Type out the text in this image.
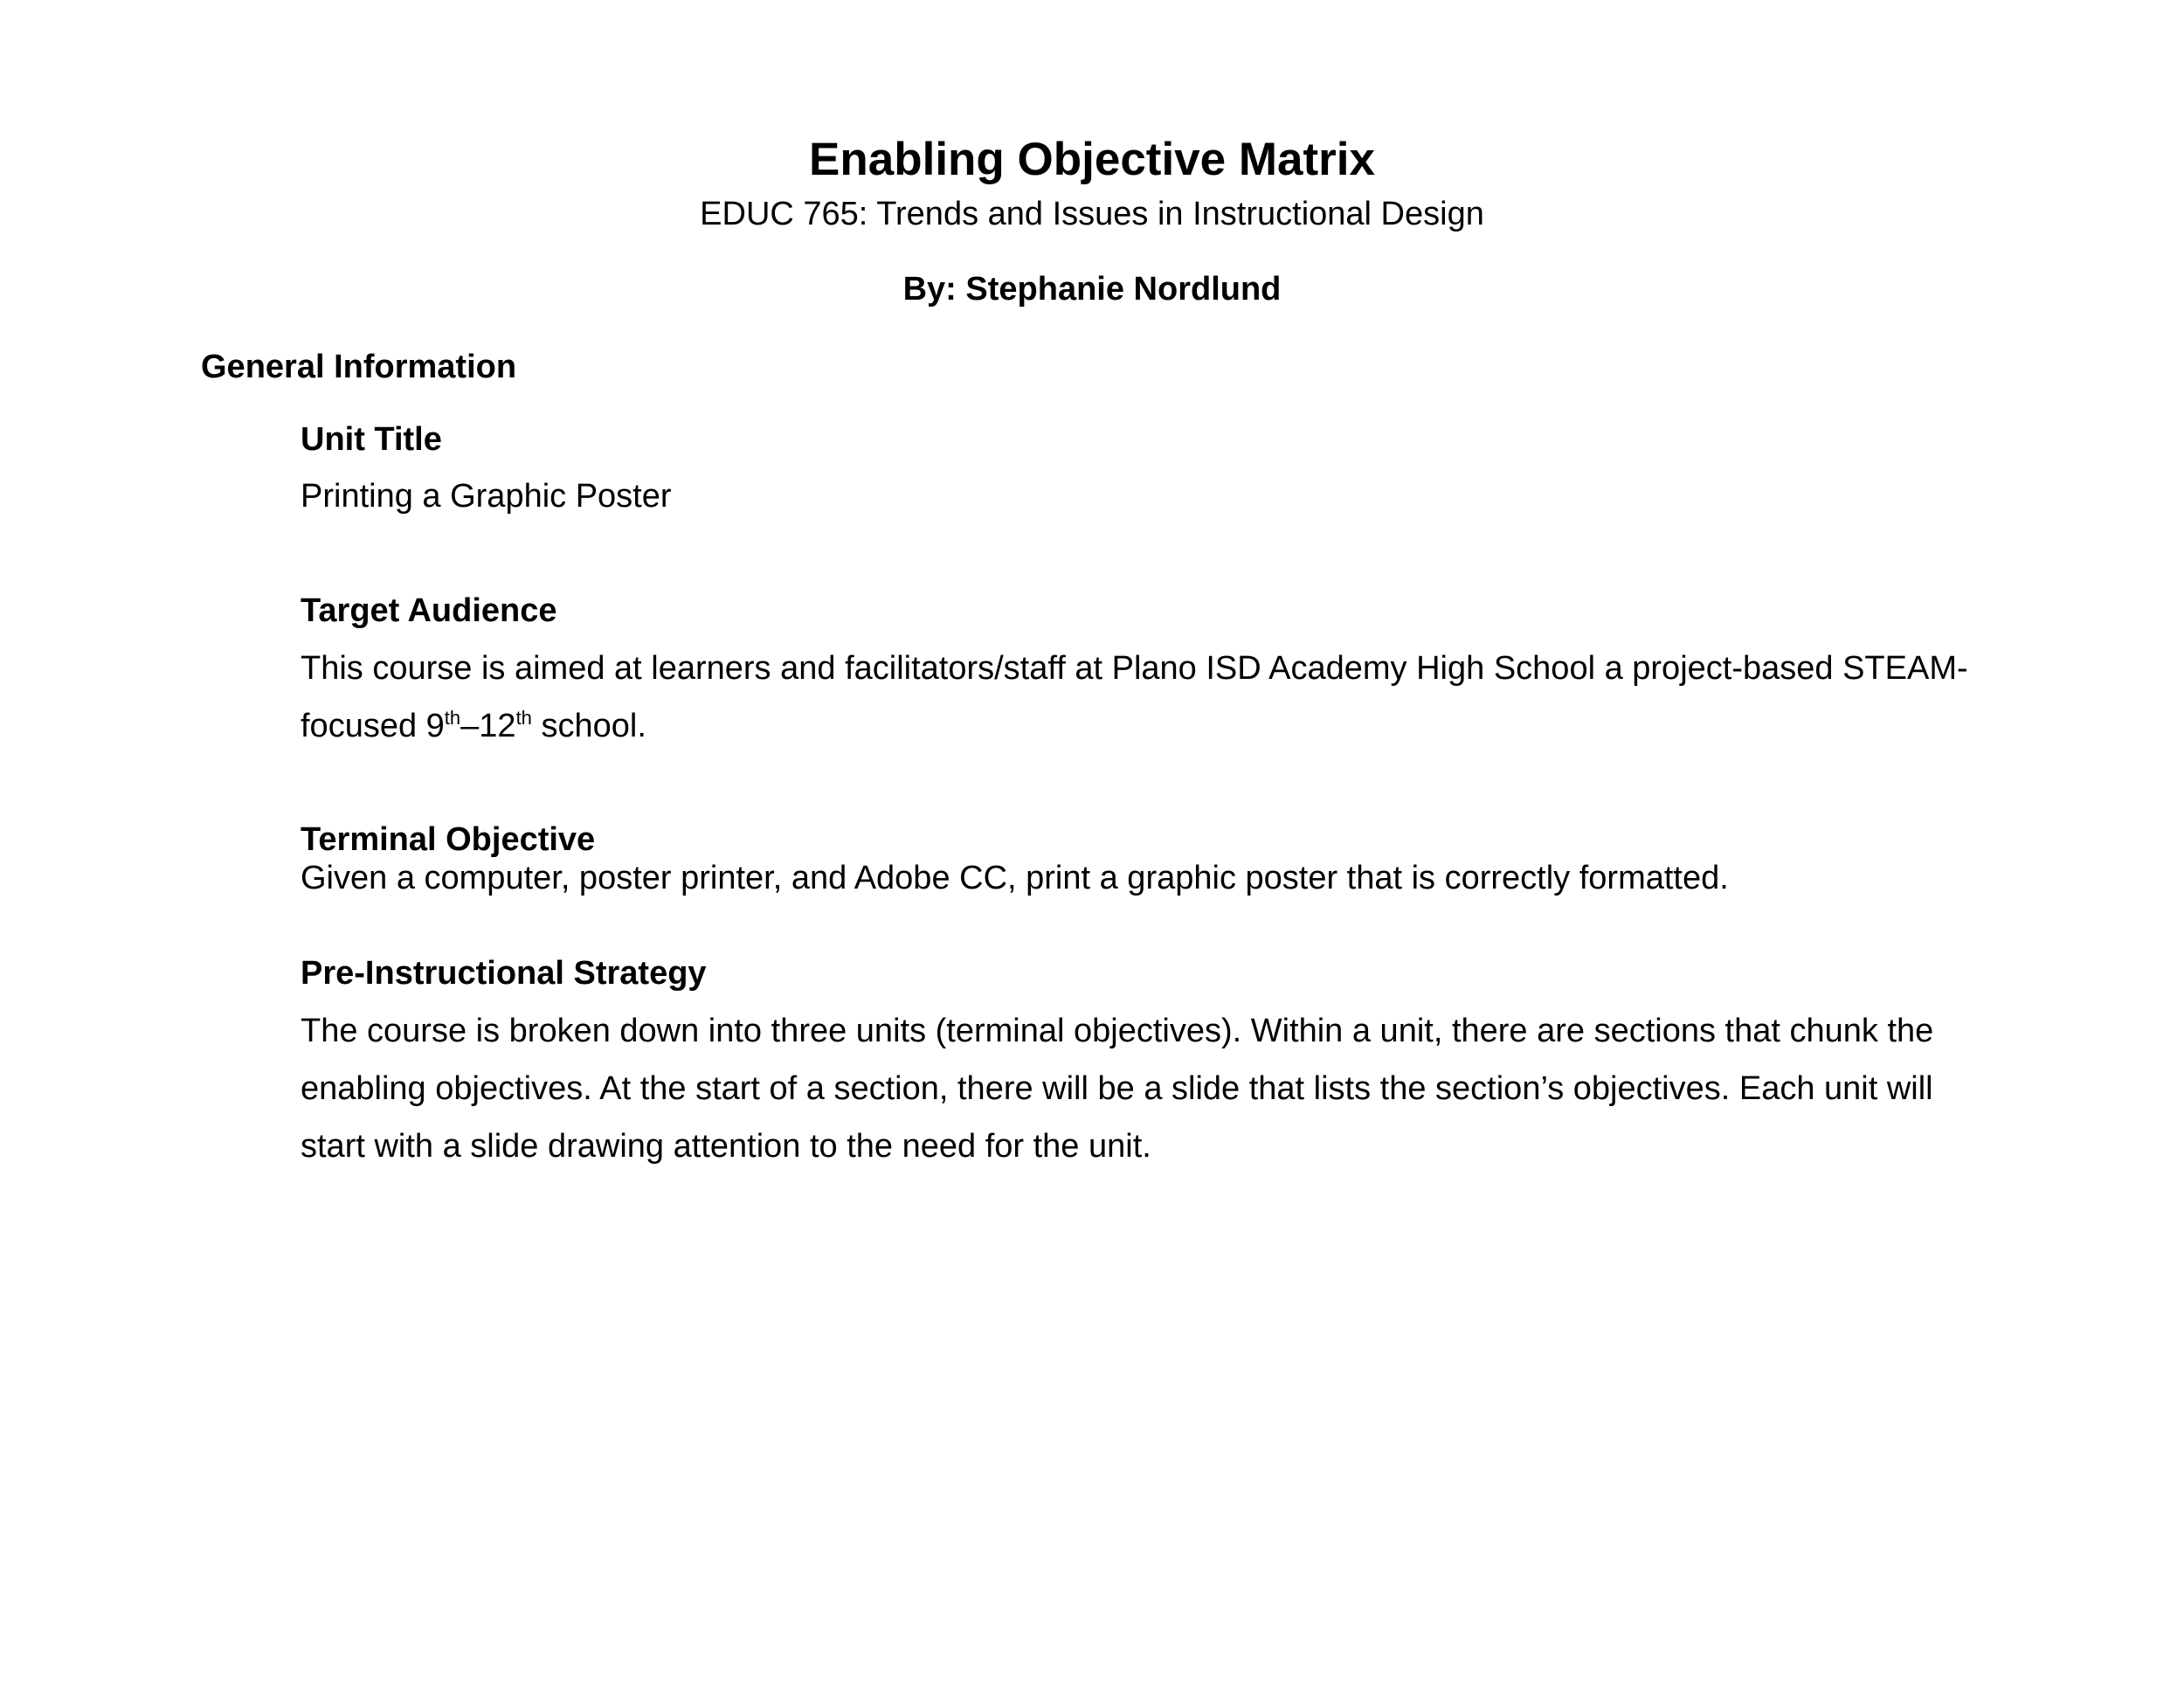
Enabling Objective Matrix
EDUC 765: Trends and Issues in Instructional Design
By: Stephanie Nordlund
General Information
Unit Title
Printing a Graphic Poster
Target Audience
This course is aimed at learners and facilitators/staff at Plano ISD Academy High School a project-based STEAM-
focused 9th–12th school.
Terminal Objective
Given a computer, poster printer, and Adobe CC, print a graphic poster that is correctly formatted.
Pre-Instructional Strategy
The course is broken down into three units (terminal objectives). Within a unit, there are sections that chunk the
enabling objectives. At the start of a section, there will be a slide that lists the section’s objectives. Each unit will
start with a slide drawing attention to the need for the unit.
